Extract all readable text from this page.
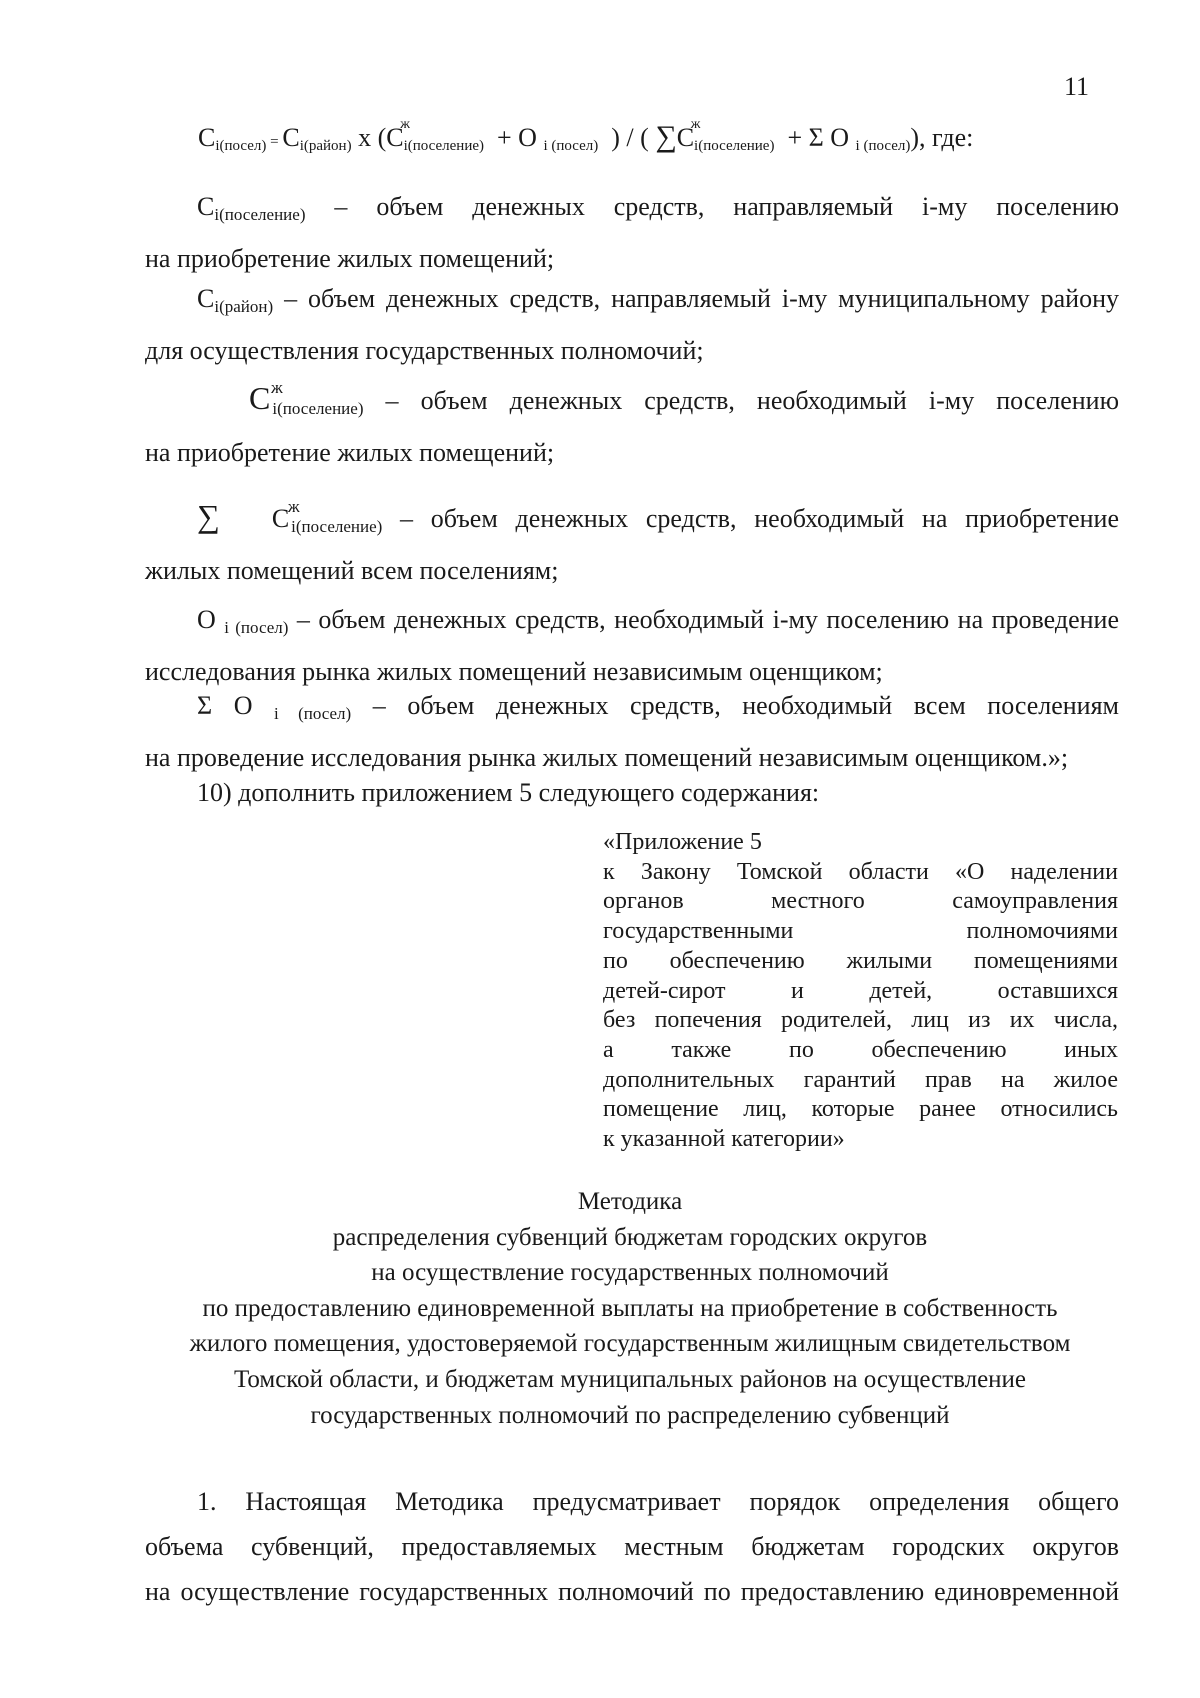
11
$C_{i(посел)} = C_{i(район)}$ х (C
ж
$_{i(поселение)}$ + O $_{i (посел)}$  ) / ( ∑C
ж
$_{i(поселение)}$ + Σ O $_{i (посел)}$), где:
$C_{i(поселение)}$ – объем денежных средств, направляемый i-му поселению
на приобретение жилых помещений;
$C_{i(район)}$ – объем денежных средств, направляемый i-му муниципальному району
для осуществления государственных полномочий;
C ж
$_{i(поселение)}$ – объем денежных средств, необходимый i-му поселению
на приобретение жилых помещений;
∑ C
ж
$_{i(поселение)}$ – объем денежных средств, необходимый на приобретение
жилых помещений всем поселениям;
O $_{i (посел)}$ – объем денежных средств, необходимый i-му поселению на проведение
исследования рынка жилых помещений независимым оценщиком;
Σ O $_{i (посел)}$ – объем денежных средств, необходимый всем поселениям
на проведение исследования рынка жилых помещений независимым оценщиком.»;
10) дополнить приложением 5 следующего содержания:
«Приложение 5
к Закону Томской области «О наделении
органов местного самоуправления
государственными полномочиями
по обеспечению жилыми помещениями
детей-сирот и детей, оставшихся
без попечения родителей, лиц из их числа,
а также по обеспечению иных
дополнительных гарантий прав на жилое
помещение лиц, которые ранее относились
к указанной категории»
Методика
распределения субвенций бюджетам городских округов
на осуществление государственных полномочий
по предоставлению единовременной выплаты на приобретение в собственность
жилого помещения, удостоверяемой государственным жилищным свидетельством
Томской области, и бюджетам муниципальных районов на осуществление
государственных полномочий по распределению субвенций
1. Настоящая Методика предусматривает порядок определения общего
объема субвенций, предоставляемых местным бюджетам городских округов
на осуществление государственных полномочий по предоставлению единовременной
